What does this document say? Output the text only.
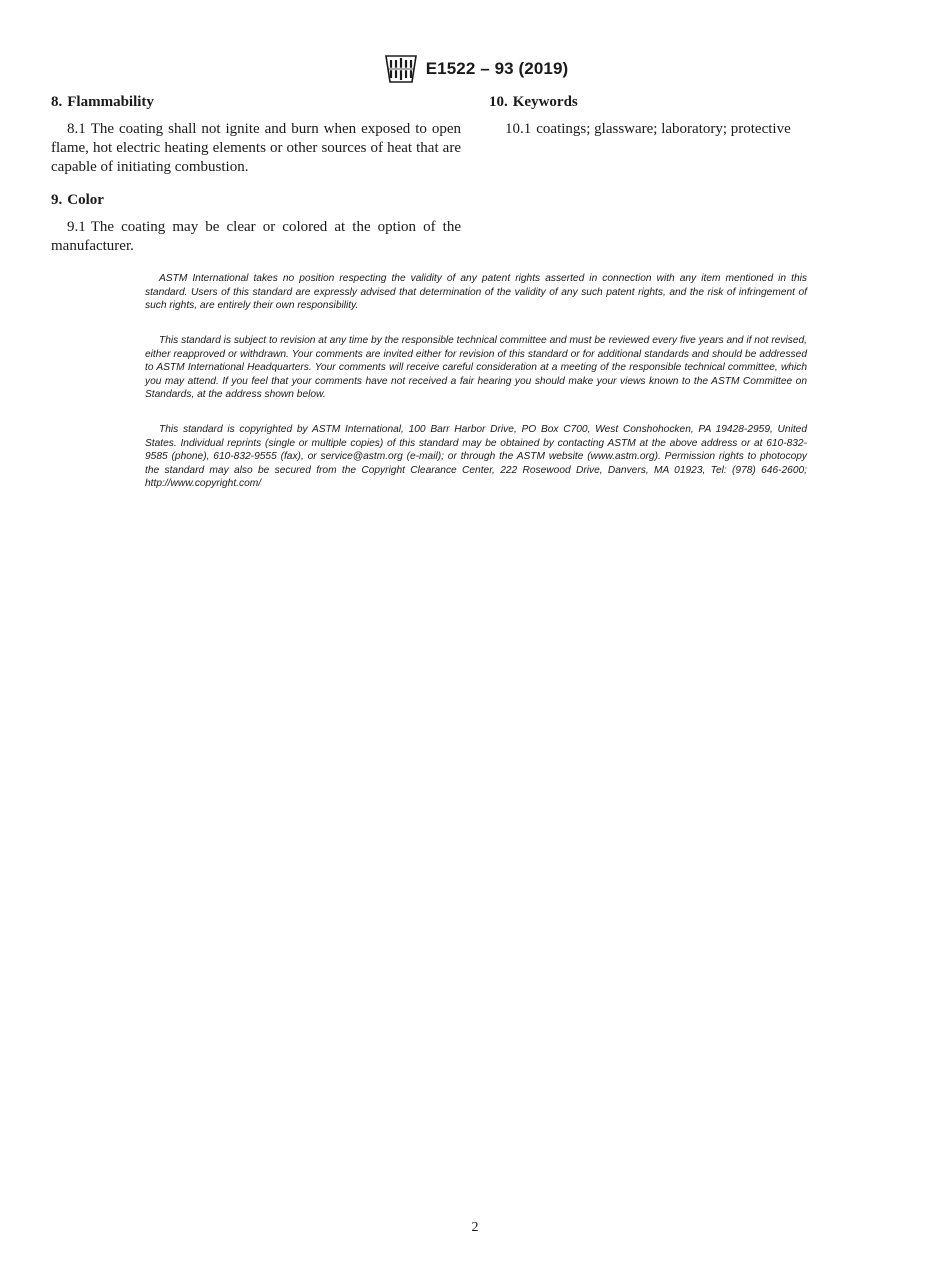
E1522 – 93 (2019)

8. Flammability

8.1 The coating shall not ignite and burn when exposed to open flame, hot electric heating elements or other sources of heat that are capable of initiating combustion.

9. Color

9.1 The coating may be clear or colored at the option of the manufacturer.

10. Keywords

10.1 coatings; glassware; laboratory; protective

ASTM International takes no position respecting the validity of any patent rights asserted in connection with any item mentioned in this standard. Users of this standard are expressly advised that determination of the validity of any such patent rights, and the risk of infringement of such rights, are entirely their own responsibility.

This standard is subject to revision at any time by the responsible technical committee and must be reviewed every five years and if not revised, either reapproved or withdrawn. Your comments are invited either for revision of this standard or for additional standards and should be addressed to ASTM International Headquarters. Your comments will receive careful consideration at a meeting of the responsible technical committee, which you may attend. If you feel that your comments have not received a fair hearing you should make your views known to the ASTM Committee on Standards, at the address shown below.

This standard is copyrighted by ASTM International, 100 Barr Harbor Drive, PO Box C700, West Conshohocken, PA 19428-2959, United States. Individual reprints (single or multiple copies) of this standard may be obtained by contacting ASTM at the above address or at 610-832-9585 (phone), 610-832-9555 (fax), or service@astm.org (e-mail); or through the ASTM website (www.astm.org). Permission rights to photocopy the standard may also be secured from the Copyright Clearance Center, 222 Rosewood Drive, Danvers, MA 01923, Tel: (978) 646-2600; http://www.copyright.com/

2
